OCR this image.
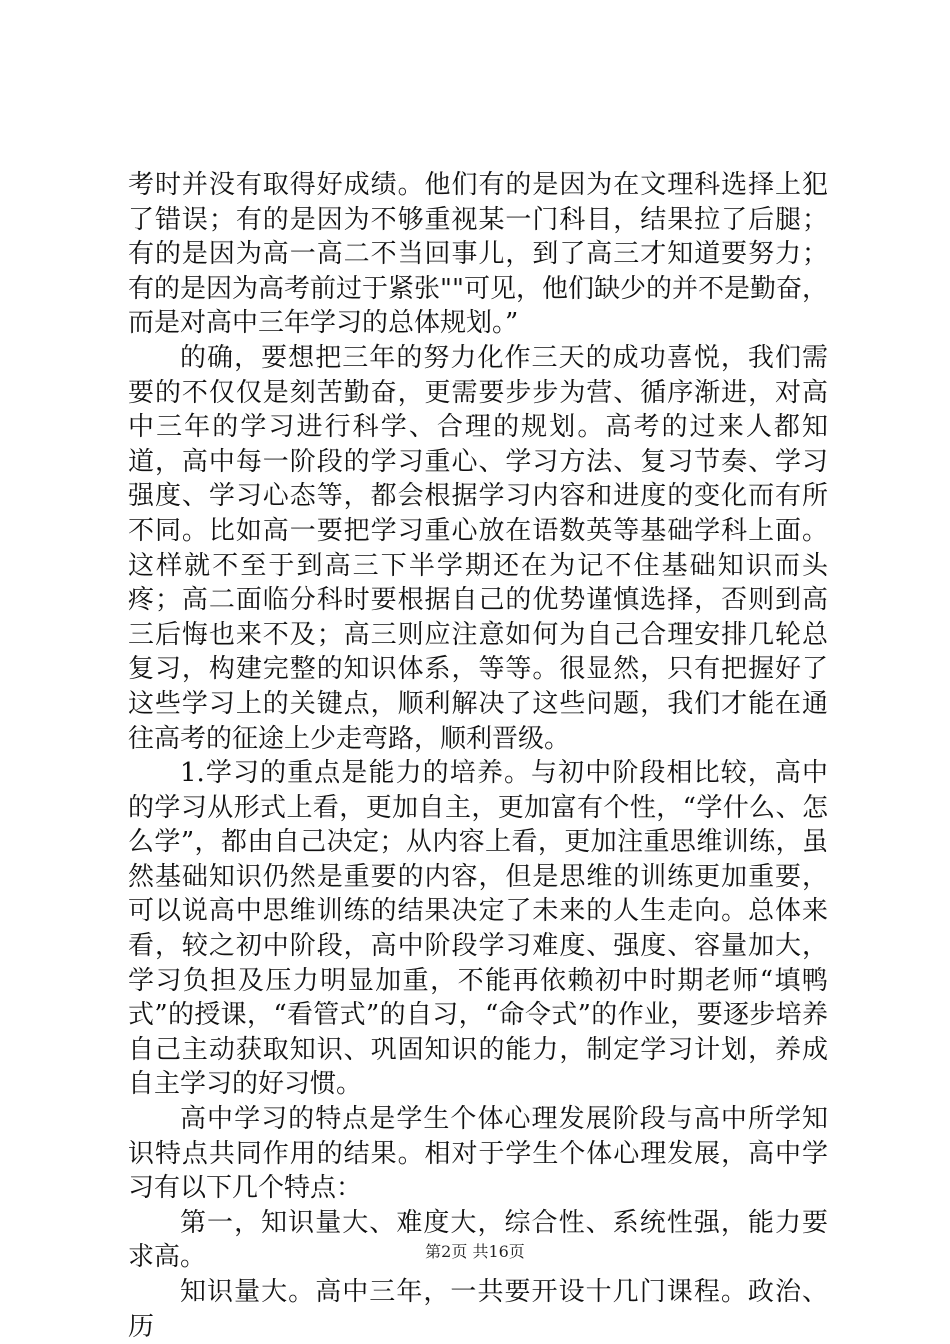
考时并没有取得好成绩。他们有的是因为在文理科选择上犯了错误；有的是因为不够重视某一门科目，结果拉了后腿；有的是因为高一高二不当回事儿，到了高三才知道要努力；有的是因为高考前过于紧张""可见，他们缺少的并不是勤奋，而是对高中三年学习的总体规划。”

的确，要想把三年的努力化作三天的成功喜悦，我们需要的不仅仅是刻苦勤奋，更需要步步为营、循序渐进，对高中三年的学习进行科学、合理的规划。高考的过来人都知道，高中每一阶段的学习重心、学习方法、复习节奏、学习强度、学习心态等，都会根据学习内容和进度的变化而有所不同。比如高一要把学习重心放在语数英等基础学科上面。这样就不至于到高三下半学期还在为记不住基础知识而头疼；高二面临分科时要根据自己的优势谨慎选择，否则到高三后悔也来不及；高三则应注意如何为自己合理安排几轮总复习，构建完整的知识体系，等等。很显然，只有把握好了这些学习上的关键点，顺利解决了这些问题，我们才能在通往高考的征途上少走弯路，顺利晋级。

1.学习的重点是能力的培养。与初中阶段相比较，高中的学习从形式上看，更加自主，更加富有个性，“学什么、怎么学”，都由自己决定；从内容上看，更加注重思维训练，虽然基础知识仍然是重要的内容，但是思维的训练更加重要，可以说高中思维训练的结果决定了未来的人生走向。总体来看，较之初中阶段，高中阶段学习难度、强度、容量加大，学习负担及压力明显加重，不能再依赖初中时期老师“填鸭式”的授课，“看管式”的自习，“命令式”的作业，要逐步培养自己主动获取知识、巩固知识的能力，制定学习计划，养成自主学习的好习惯。

高中学习的特点是学生个体心理发展阶段与高中所学知识特点共同作用的结果。相对于学生个体心理发展，高中学习有以下几个特点：

第一，知识量大、难度大，综合性、系统性强，能力要求高。

知识量大。高中三年，一共要开设十几门课程。政治、历

第2页 共16页
